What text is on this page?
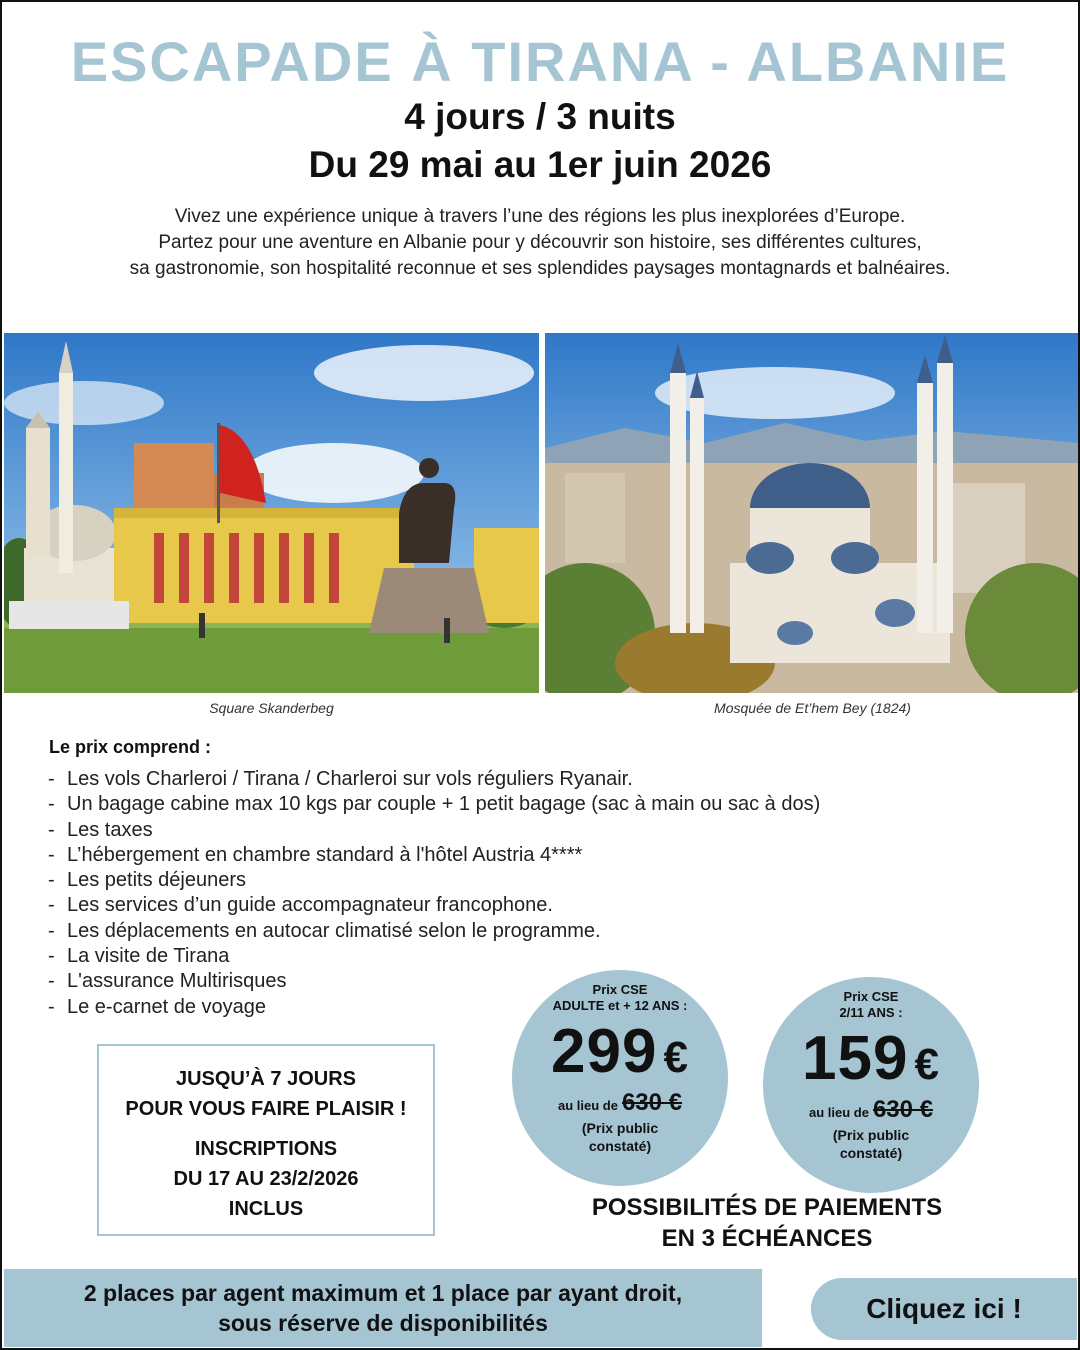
ESCAPADE À TIRANA - ALBANIE
4 jours / 3 nuits
Du 29 mai au 1er juin 2026
Vivez une expérience unique à travers l’une des régions les plus inexplorées d’Europe.
Partez pour une aventure en Albanie pour y découvrir son histoire, ses différentes cultures,
sa gastronomie, son hospitalité reconnue et ses splendides paysages montagnards et balnéaires.
Square Skanderbeg	Mosquée de Et’hem Bey (1824)
Le prix comprend :
- Les vols Charleroi / Tirana / Charleroi sur vols réguliers Ryanair.
- Un bagage cabine max 10 kgs par couple + 1 petit bagage (sac à main ou sac à dos)
- Les taxes
- L’hébergement en chambre standard à l'hôtel Austria 4****
- Les petits déjeuners
- Les services d’un guide accompagnateur francophone.
- Les déplacements en autocar climatisé selon le programme.
- La visite de Tirana
- L'assurance Multirisques
- Le e-carnet de voyage
JUSQU’À 7 JOURS
POUR VOUS FAIRE PLAISIR !
INSCRIPTIONS
DU 17 AU 23/2/2026
INCLUS
Prix CSE
ADULTE et + 12 ANS :
299 €
au lieu de 630 €
(Prix public
constaté)
Prix CSE
2/11 ANS :
159 €
au lieu de 630 €
(Prix public
constaté)
POSSIBILITÉS DE PAIEMENTS
EN 3 ÉCHÉANCES
2 places par agent maximum et 1 place par ayant droit,
sous réserve de disponibilités	Cliquez ici !
